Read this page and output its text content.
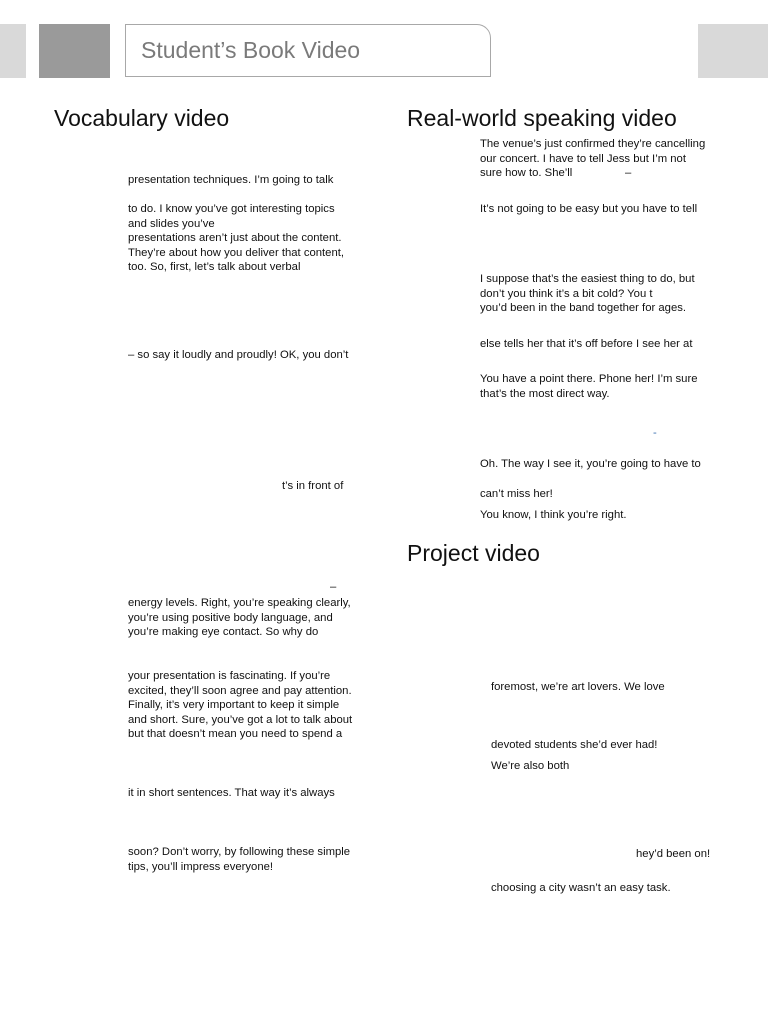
Student’s Book Video
Vocabulary video
presentation techniques. I’m going to talk
to do. I know you’ve got interesting topics
and slides you’ve
presentations aren’t just about the content.
They’re about how you deliver that content,
too. So, first, let’s talk about verbal
– so say it loudly and proudly! OK, you don’t
t’s in front of
–
energy levels. Right, you’re speaking clearly,
you’re using positive body language, and
you’re making eye contact. So why do
your presentation is fascinating. If you’re
excited, they’ll soon agree and pay attention.
Finally, it’s very important to keep it simple
and short. Sure, you’ve got a lot to talk about
but that doesn’t mean you need to spend a
it in short sentences. That way it’s always
soon? Don’t worry, by following these simple
tips, you’ll impress everyone!
Real-world speaking video
The venue’s just confirmed they’re cancelling
our concert. I have to tell Jess but I’m not
sure how to. She’ll	–
It’s not going to be easy but you have to tell
I suppose that’s the easiest thing to do, but
don’t you think it’s a bit cold? You t
you’d been in the band together for ages.
else tells her that it’s off before I see her at
You have a point there. Phone her! I’m sure
that’s the most direct way.
-
Oh. The way I see it, you’re going to have to
can’t miss her!
You know, I think you’re right.
Project video
foremost, we’re art lovers. We love
devoted students she’d ever had!
We’re also both
hey’d been on!
choosing a city wasn’t an easy task.
